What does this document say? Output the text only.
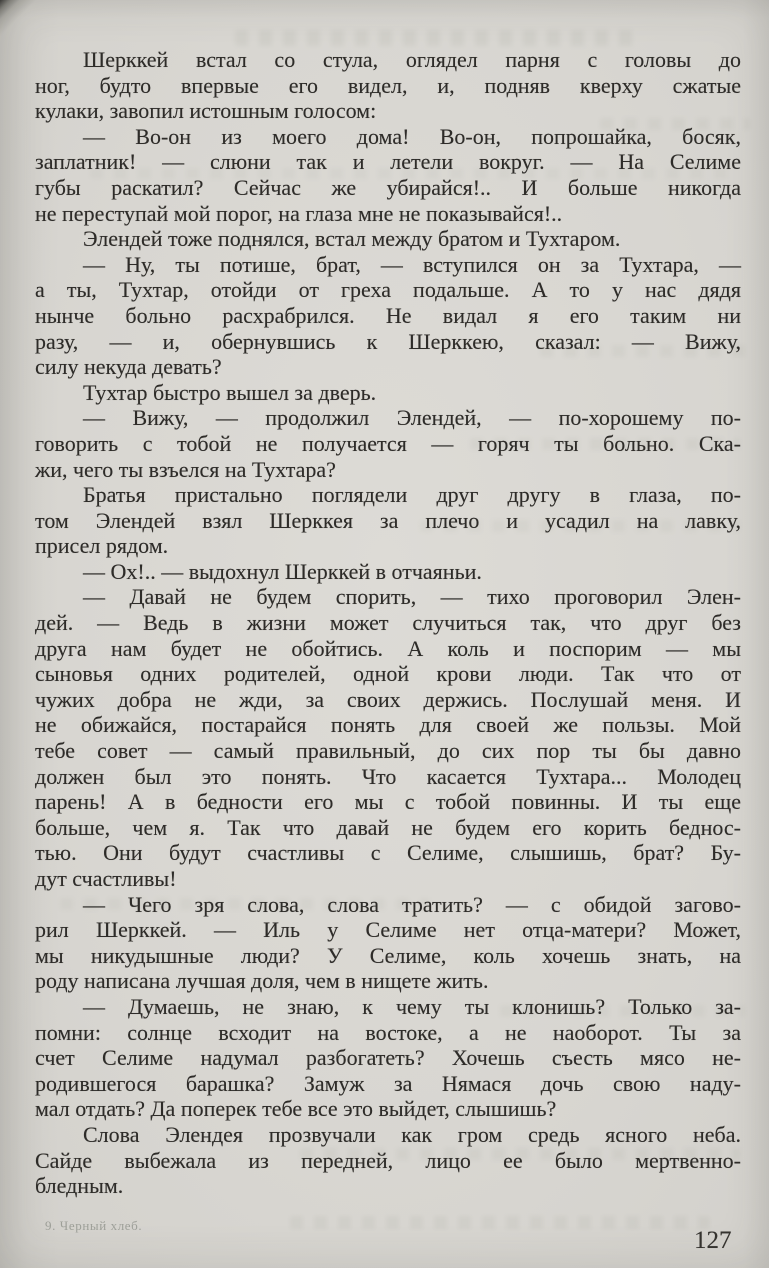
Шерккей встал со стула, оглядел парня с головы до
ног, будто впервые его видел, и, подняв кверху сжатые
кулаки, завопил истошным голосом:
— Во-он из моего дома! Во-он, попрошайка, босяк,
заплатник! — слюни так и летели вокруг. — На Селиме
губы раскатил? Сейчас же убирайся!.. И больше никогда
не переступай мой порог, на глаза мне не показывайся!..
Элендей тоже поднялся, встал между братом и Тухтаром.
— Ну, ты потише, брат, — вступился он за Тухтара, —
а ты, Тухтар, отойди от греха подальше. А то у нас дядя
нынче больно расхрабрился. Не видал я его таким ни
разу, — и, обернувшись к Шерккею, сказал: — Вижу,
силу некуда девать?
Тухтар быстро вышел за дверь.
— Вижу, — продолжил Элендей, — по-хорошему по-
говорить с тобой не получается — горяч ты больно. Ска-
жи, чего ты взъелся на Тухтара?
Братья пристально поглядели друг другу в глаза, по-
том Элендей взял Шерккея за плечо и усадил на лавку,
присел рядом.
— Ох!.. — выдохнул Шерккей в отчаяньи.
— Давай не будем спорить, — тихо проговорил Элен-
дей. — Ведь в жизни может случиться так, что друг без
друга нам будет не обойтись. А коль и поспорим — мы
сыновья одних родителей, одной крови люди. Так что от
чужих добра не жди, за своих держись. Послушай меня. И
не обижайся, постарайся понять для своей же пользы. Мой
тебе совет — самый правильный, до сих пор ты бы давно
должен был это понять. Что касается Тухтара... Молодец
парень! А в бедности его мы с тобой повинны. И ты еще
больше, чем я. Так что давай не будем его корить беднос-
тью. Они будут счастливы с Селиме, слышишь, брат? Бу-
дут счастливы!
— Чего зря слова, слова тратить? — с обидой загово-
рил Шерккей. — Иль у Селиме нет отца-матери? Может,
мы никудышные люди? У Селиме, коль хочешь знать, на
роду написана лучшая доля, чем в нищете жить.
— Думаешь, не знаю, к чему ты клонишь? Только за-
помни: солнце всходит на востоке, а не наоборот. Ты за
счет Селиме надумал разбогатеть? Хочешь съесть мясо не-
родившегося барашка? Замуж за Нямася дочь свою наду-
мал отдать? Да поперек тебе все это выйдет, слышишь?
Слова Элендея прозвучали как гром средь ясного неба.
Сайде выбежала из передней, лицо ее было мертвенно-
бледным.
9. Черный хлеб.
127
